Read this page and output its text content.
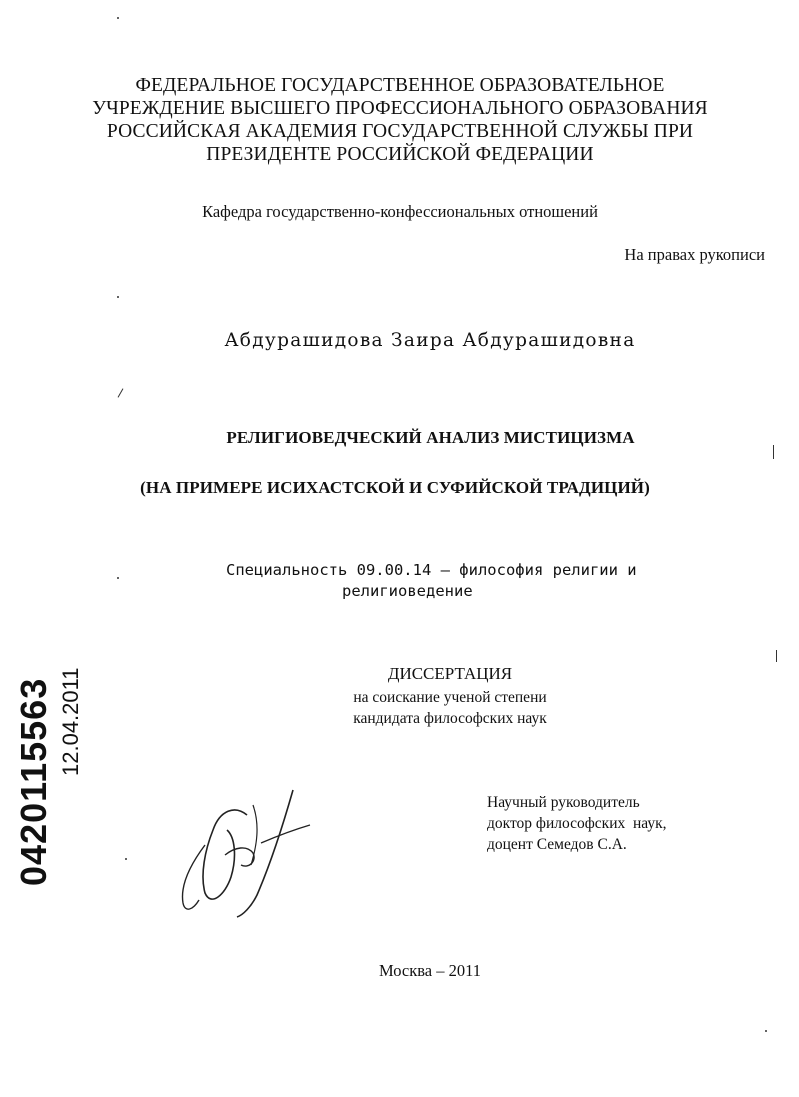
ФЕДЕРАЛЬНОЕ ГОСУДАРСТВЕННОЕ ОБРАЗОВАТЕЛЬНОЕ
УЧРЕЖДЕНИЕ ВЫСШЕГО ПРОФЕССИОНАЛЬНОГО ОБРАЗОВАНИЯ
РОССИЙСКАЯ АКАДЕМИЯ ГОСУДАРСТВЕННОЙ СЛУЖБЫ ПРИ
ПРЕЗИДЕНТЕ РОССИЙСКОЙ ФЕДЕРАЦИИ
Кафедра государственно-конфессиональных отношений
На правах рукописи
Абдурашидова Заира Абдурашидовна
РЕЛИГИОВЕДЧЕСКИЙ АНАЛИЗ МИСТИЦИЗМА
(НА ПРИМЕРЕ ИСИХАСТСКОЙ И СУФИЙСКОЙ ТРАДИЦИЙ)
Специальность 09.00.14 – философия религии и
религиоведение
ДИССЕРТАЦИЯ
на соискание ученой степени
кандидата философских наук
Научный руководитель
доктор философских  наук,
доцент Семедов С.А.
Москва – 2011
0420115563 12.04.2011
